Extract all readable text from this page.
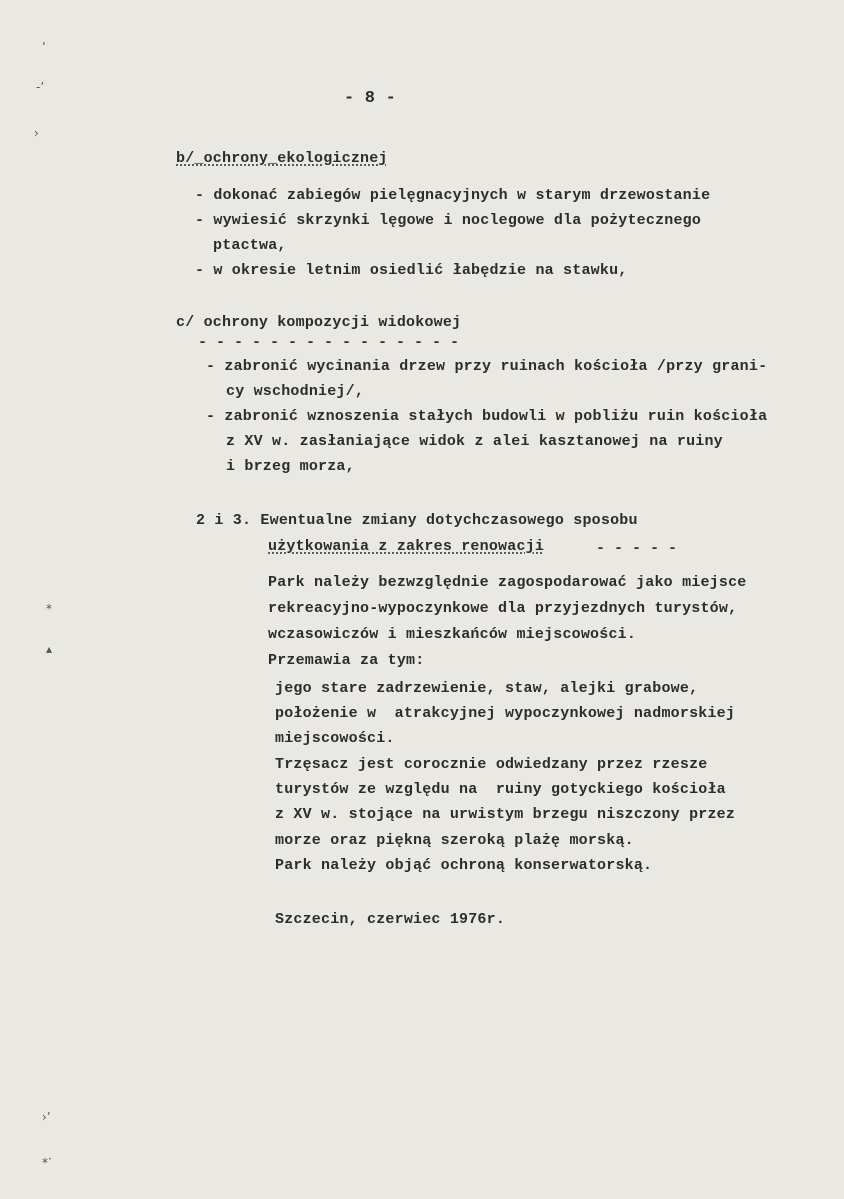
ʼ
-ʼ
›
⁎
▴
›ʼ
⁎·
- 8 -
b/_ochrony_ekologicznej
- dokonać zabiegów pielęgnacyjnych w starym drzewostanie
- wywiesić skrzynki lęgowe i noclegowe dla pożytecznego
ptactwa,
- w okresie letnim osiedlić łabędzie na stawku,
c/ ochrony kompozycji widokowej
- - - - - - - - - - - - - - -
- zabronić wycinania drzew przy ruinach kościoła /przy grani-
cy wschodniej/,
- zabronić wznoszenia stałych budowli w pobliżu ruin kościoła
z XV w. zasłaniające widok z alei kasztanowej na ruiny
i brzeg morza,
2 i 3. Ewentualne zmiany dotychczasowego sposobu
użytkowania z zakres renowacji	- - - - -
Park należy bezwzględnie zagospodarować jako miejsce
rekreacyjno-wypoczynkowe dla przyjezdnych turystów,
wczasowiczów i mieszkańców miejscowości.
Przemawia za tym:
jego stare zadrzewienie, staw, alejki grabowe,
położenie w  atrakcyjnej wypoczynkowej nadmorskiej
miejscowości.
Trzęsacz jest corocznie odwiedzany przez rzesze
turystów ze względu na  ruiny gotyckiego kościoła
z XV w. stojące na urwistym brzegu niszczony przez
morze oraz piękną szeroką plażę morską.
Park należy objąć ochroną konserwatorską.
Szczecin, czerwiec 1976r.
